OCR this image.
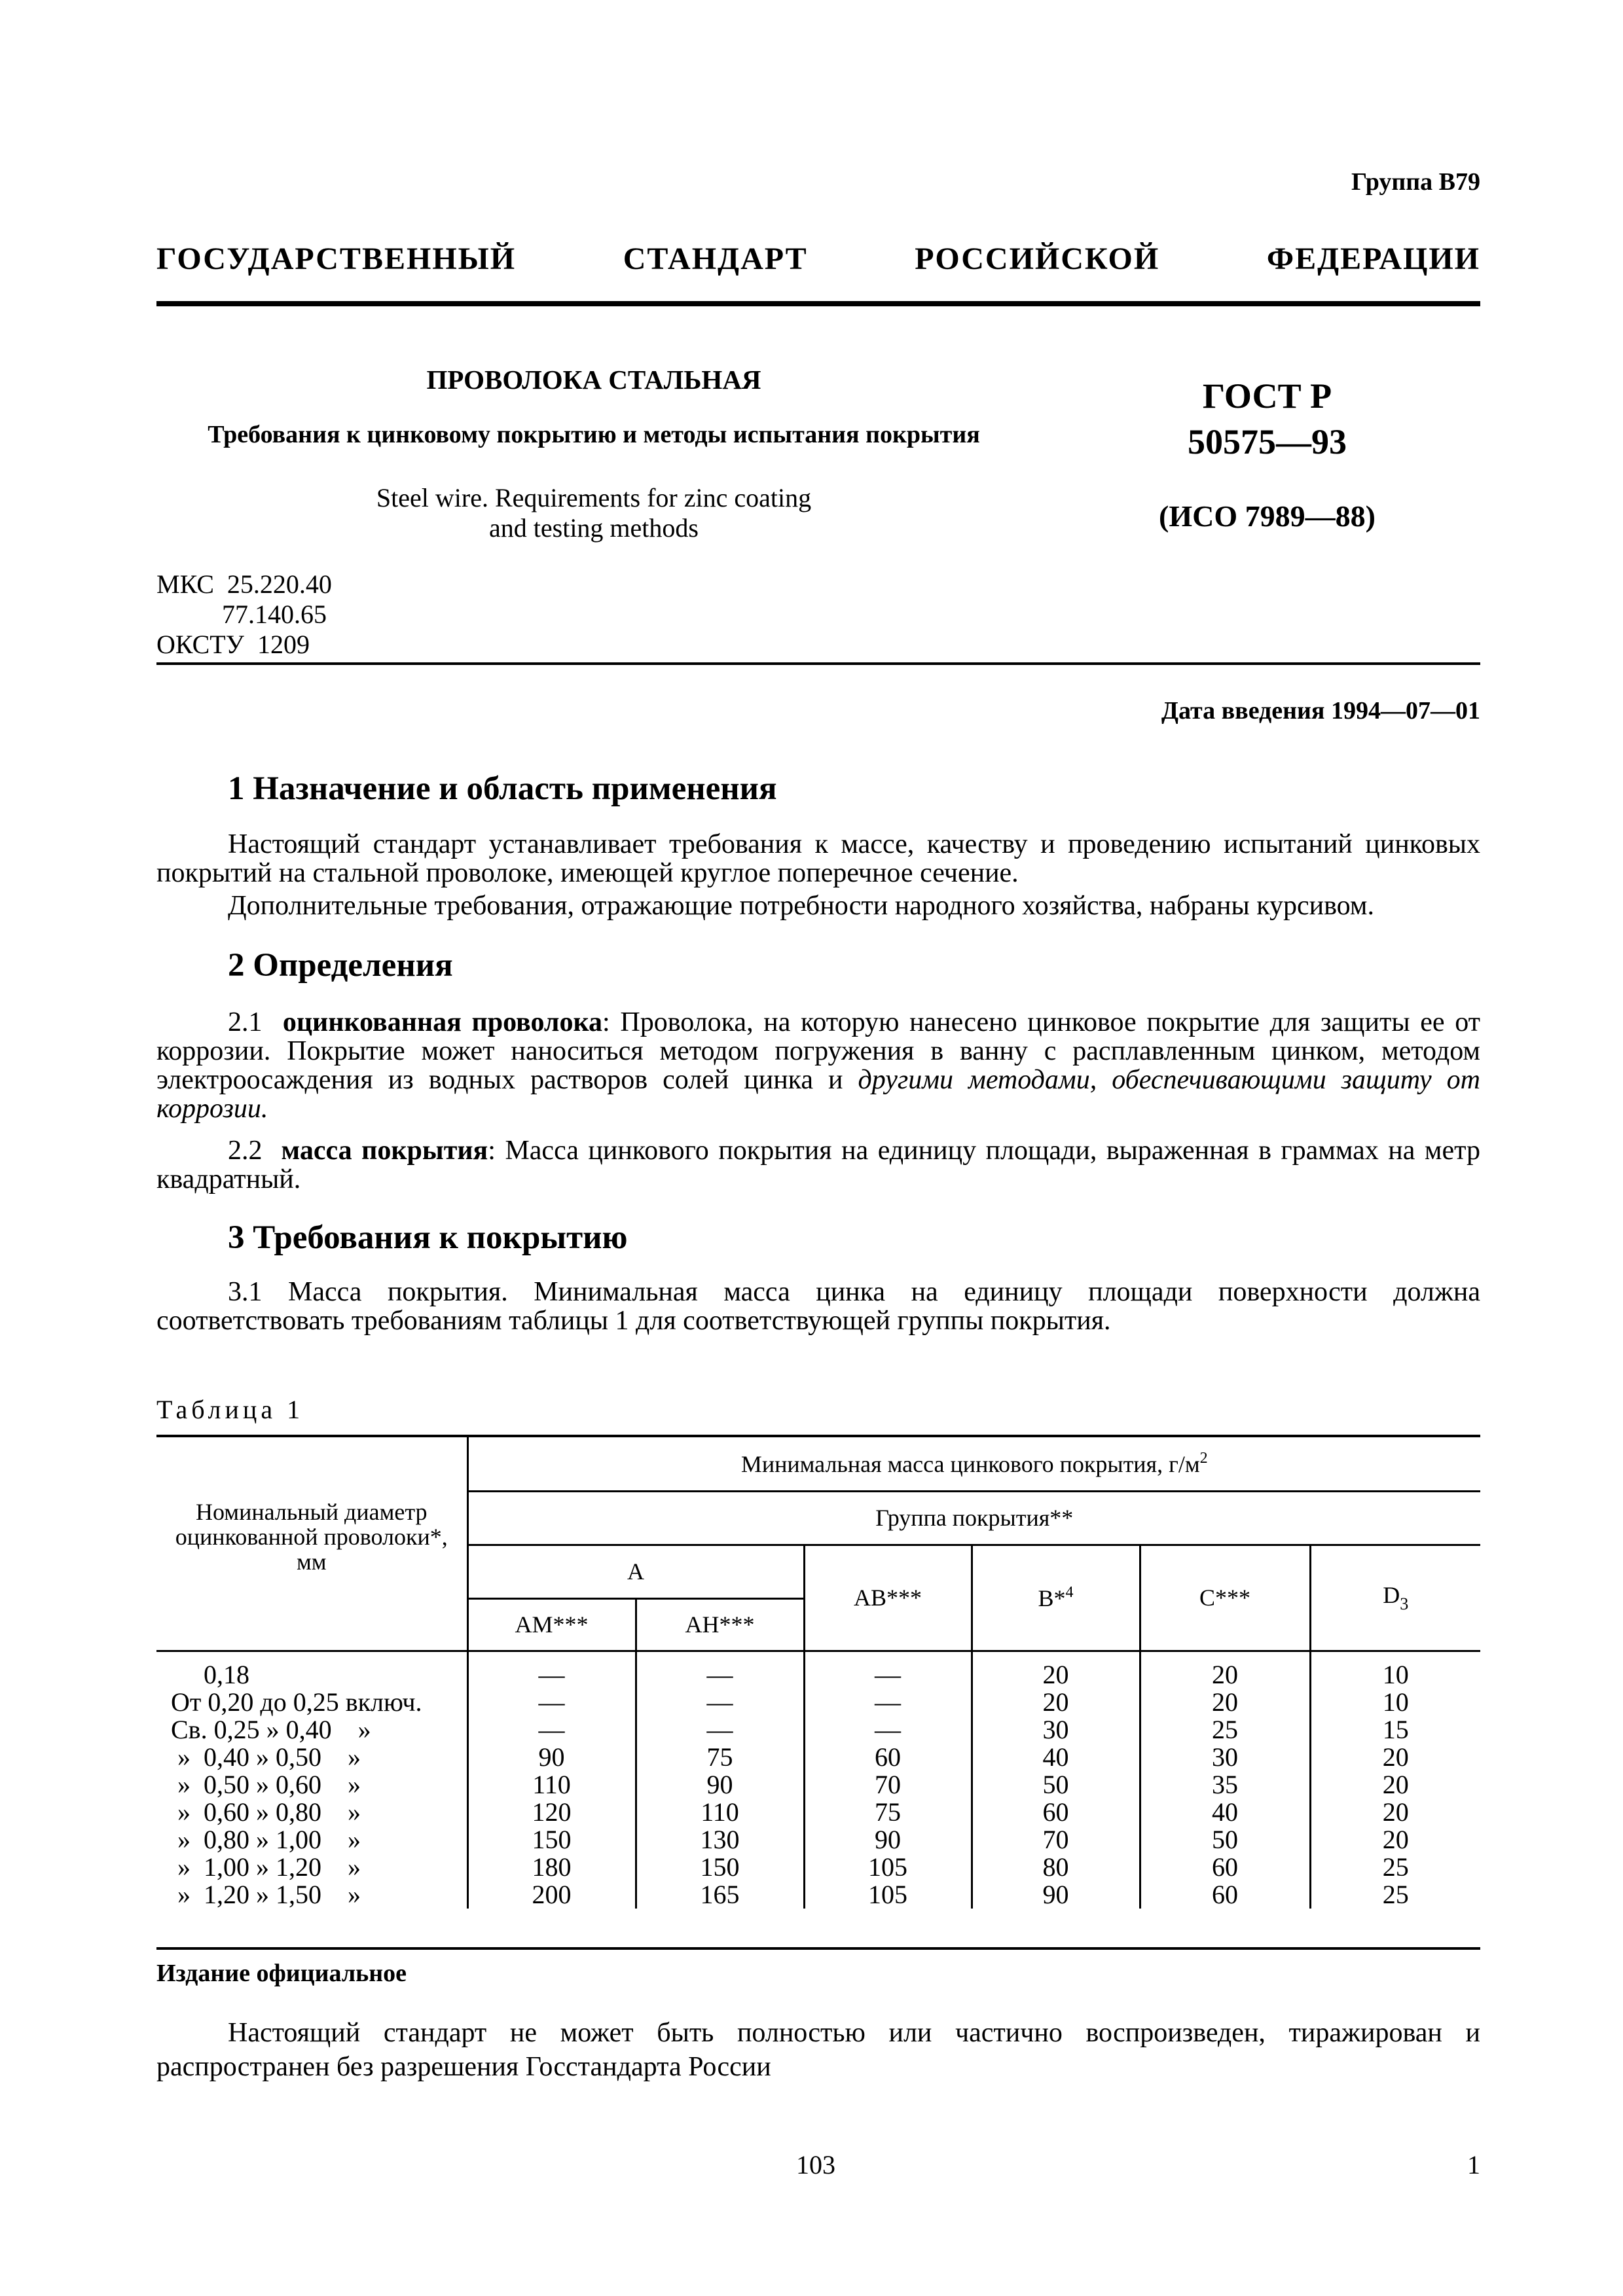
Группа В79
ГОСУДАРСТВЕННЫЙ СТАНДАРТ РОССИЙСКОЙ ФЕДЕРАЦИИ
ПРОВОЛОКА СТАЛЬНАЯ
Требования к цинковому покрытию и методы испытания покрытия
Steel wire. Requirements for zinc coating
and testing methods
ГОСТ Р
50575—93
(ИСО 7989—88)
МКС  25.220.40
77.140.65
ОКСТУ  1209
Дата введения 1994—07—01
1 Назначение и область применения
Настоящий стандарт устанавливает требования к массе, качеству и проведению испытаний цинковых покрытий на стальной проволоке, имеющей круглое поперечное сечение.
Дополнительные требования, отражающие потребности народного хозяйства, набраны курсивом.
2 Определения
2.1 оцинкованная проволока: Проволока, на которую нанесено цинковое покрытие для защиты ее от коррозии. Покрытие может наноситься методом погружения в ванну с расплавленным цинком, методом электроосаждения из водных растворов солей цинка и другими методами, обеспечивающими защиту от коррозии.
2.2 масса покрытия: Масса цинкового покрытия на единицу площади, выраженная в граммах на метр квадратный.
3 Требования к покрытию
3.1 Масса покрытия. Минимальная масса цинка на единицу площади поверхности должна соответствовать требованиям таблицы 1 для соответствующей группы покрытия.
Таблица 1
Номинальный диаметр оцинкованной проволоки*, мм	Минимальная масса цинкового покрытия, $г/м^2$
	Группа покрытия**					
	A		АВ***	В*$^4$	С***	$D_3$
	АМ***	АН***				
0,18	—	—	—	20	20	10
От 0,20 до 0,25 включ.	—	—	—	20	20	10
Св. 0,25 » 0,40    »	—	—	—	30	25	15
»  0,40 » 0,50    »	90	75	60	40	30	20
»  0,50 » 0,60    »	110	90	70	50	35	20
»  0,60 » 0,80    »	120	110	75	60	40	20
»  0,80 » 1,00    »	150	130	90	70	50	20
»  1,00 » 1,20    »	180	150	105	80	60	25
»  1,20 » 1,50    »	200	165	105	90	60	25
Издание официальное
Настоящий стандарт не может быть полностью или частично воспроизведен, тиражирован и распространен без разрешения Госстандарта России
103	1
